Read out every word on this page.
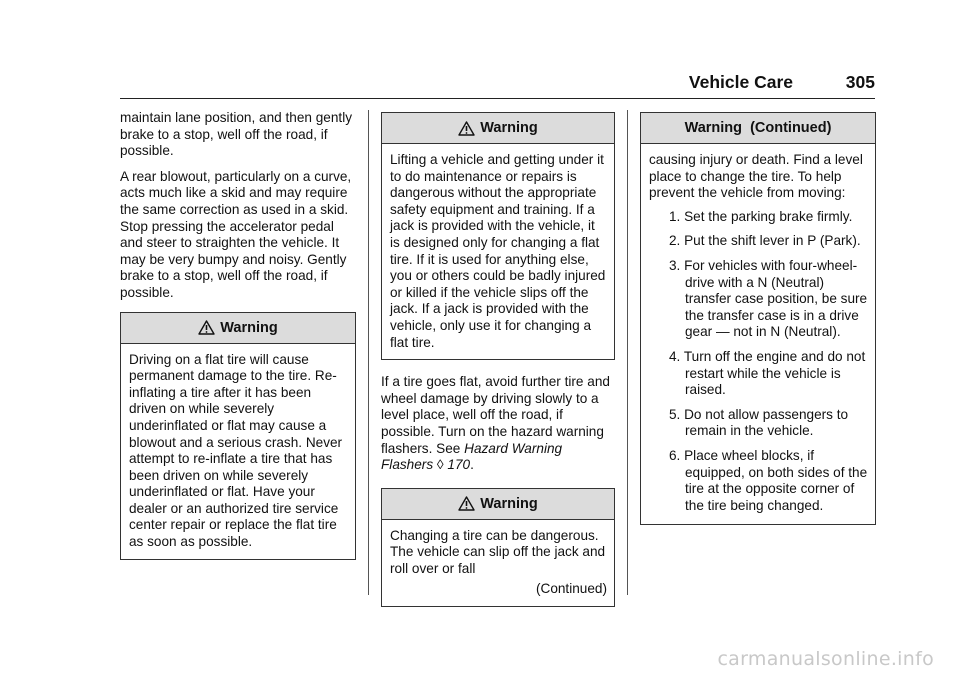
Vehicle Care	305

maintain lane position, and then gently brake to a stop, well off the road, if possible.

A rear blowout, particularly on a curve, acts much like a skid and may require the same correction as used in a skid. Stop pressing the accelerator pedal and steer to straighten the vehicle. It may be very bumpy and noisy. Gently brake to a stop, well off the road, if possible.

Warning
Driving on a flat tire will cause permanent damage to the tire. Re-inflating a tire after it has been driven on while severely underinflated or flat may cause a blowout and a serious crash. Never attempt to re-inflate a tire that has been driven on while severely underinflated or flat. Have your dealer or an authorized tire service center repair or replace the flat tire as soon as possible.
Warning
Lifting a vehicle and getting under it to do maintenance or repairs is dangerous without the appropriate safety equipment and training. If a jack is provided with the vehicle, it is designed only for changing a flat tire. If it is used for anything else, you or others could be badly injured or killed if the vehicle slips off the jack. If a jack is provided with the vehicle, only use it for changing a flat tire.

If a tire goes flat, avoid further tire and wheel damage by driving slowly to a level place, well off the road, if possible. Turn on the hazard warning flashers. See Hazard Warning Flashers ◊ 170.

Warning
Changing a tire can be dangerous. The vehicle can slip off the jack and roll over or fall
(Continued)
Warning  (Continued)

causing injury or death. Find a level place to change the tire. To help prevent the vehicle from moving:

1. Set the parking brake firmly.
2. Put the shift lever in P (Park).
3. For vehicles with four-wheel-drive with a N (Neutral) transfer case position, be sure the transfer case is in a drive gear — not in N (Neutral).
4. Turn off the engine and do not restart while the vehicle is raised.
5. Do not allow passengers to remain in the vehicle.
6. Place wheel blocks, if equipped, on both sides of the tire at the opposite corner of the tire being changed.
carmanualsonline.info
